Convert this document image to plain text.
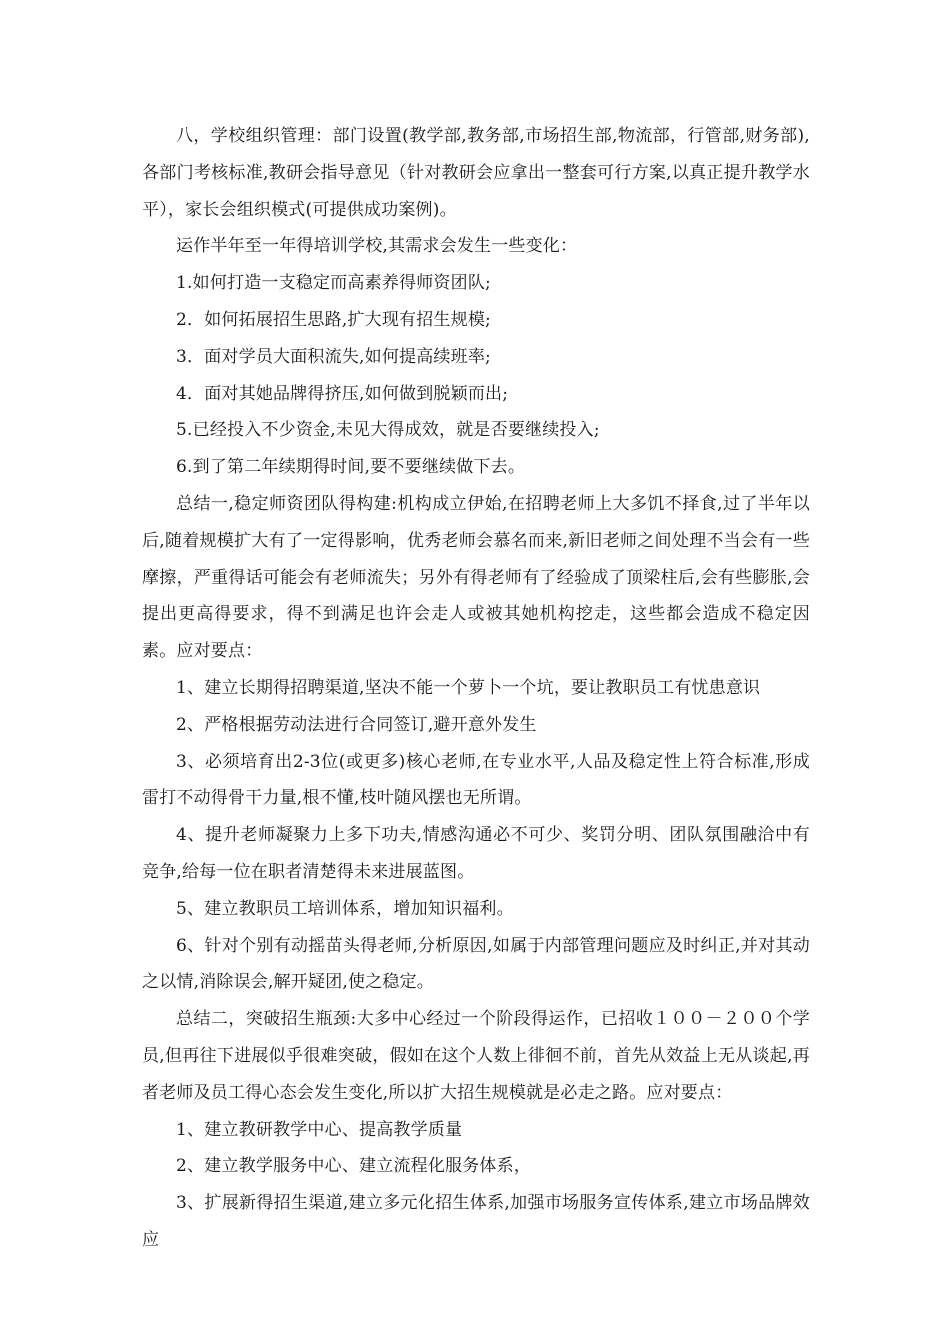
八，学校组织管理：部门设置(教学部,教务部,市场招生部,物流部，行管部,财务部),各部门考核标准,教研会指导意见（针对教研会应拿出一整套可行方案,以真正提升教学水平），家长会组织模式(可提供成功案例)。

运作半年至一年得培训学校,其需求会发生一些变化：

1.如何打造一支稳定而高素养得师资团队;

2．如何拓展招生思路,扩大现有招生规模;

3．面对学员大面积流失,如何提高续班率;

4．面对其她品牌得挤压,如何做到脱颖而出;

5.已经投入不少资金,未见大得成效，就是否要继续投入;

6.到了第二年续期得时间,要不要继续做下去。

总结一,稳定师资团队得构建:机构成立伊始,在招聘老师上大多饥不择食,过了半年以后,随着规模扩大有了一定得影响，优秀老师会慕名而来,新旧老师之间处理不当会有一些摩擦，严重得话可能会有老师流失；另外有得老师有了经验成了顶梁柱后,会有些膨胀,会提出更高得要求，得不到满足也许会走人或被其她机构挖走，这些都会造成不稳定因素。应对要点：

1、建立长期得招聘渠道,坚决不能一个萝卜一个坑，要让教职员工有忧患意识

2、严格根据劳动法进行合同签订,避开意外发生

3、必须培育出2-3位(或更多)核心老师,在专业水平,人品及稳定性上符合标准,形成雷打不动得骨干力量,根不懂,枝叶随风摆也无所谓。

4、提升老师凝聚力上多下功夫,情感沟通必不可少、奖罚分明、团队氛围融洽中有竞争,给每一位在职者清楚得未来进展蓝图。

5、建立教职员工培训体系，增加知识福利。

6、针对个别有动摇苗头得老师,分析原因,如属于内部管理问题应及时纠正,并对其动之以情,消除误会,解开疑团,使之稳定。

总结二，突破招生瓶颈:大多中心经过一个阶段得运作，已招收１００－２００个学员,但再往下进展似乎很难突破，假如在这个人数上徘徊不前，首先从效益上无从谈起,再者老师及员工得心态会发生变化,所以扩大招生规模就是必走之路。应对要点：

1、建立教研教学中心、提高教学质量

2、建立教学服务中心、建立流程化服务体系，

3、扩展新得招生渠道,建立多元化招生体系,加强市场服务宣传体系,建立市场品牌效应
